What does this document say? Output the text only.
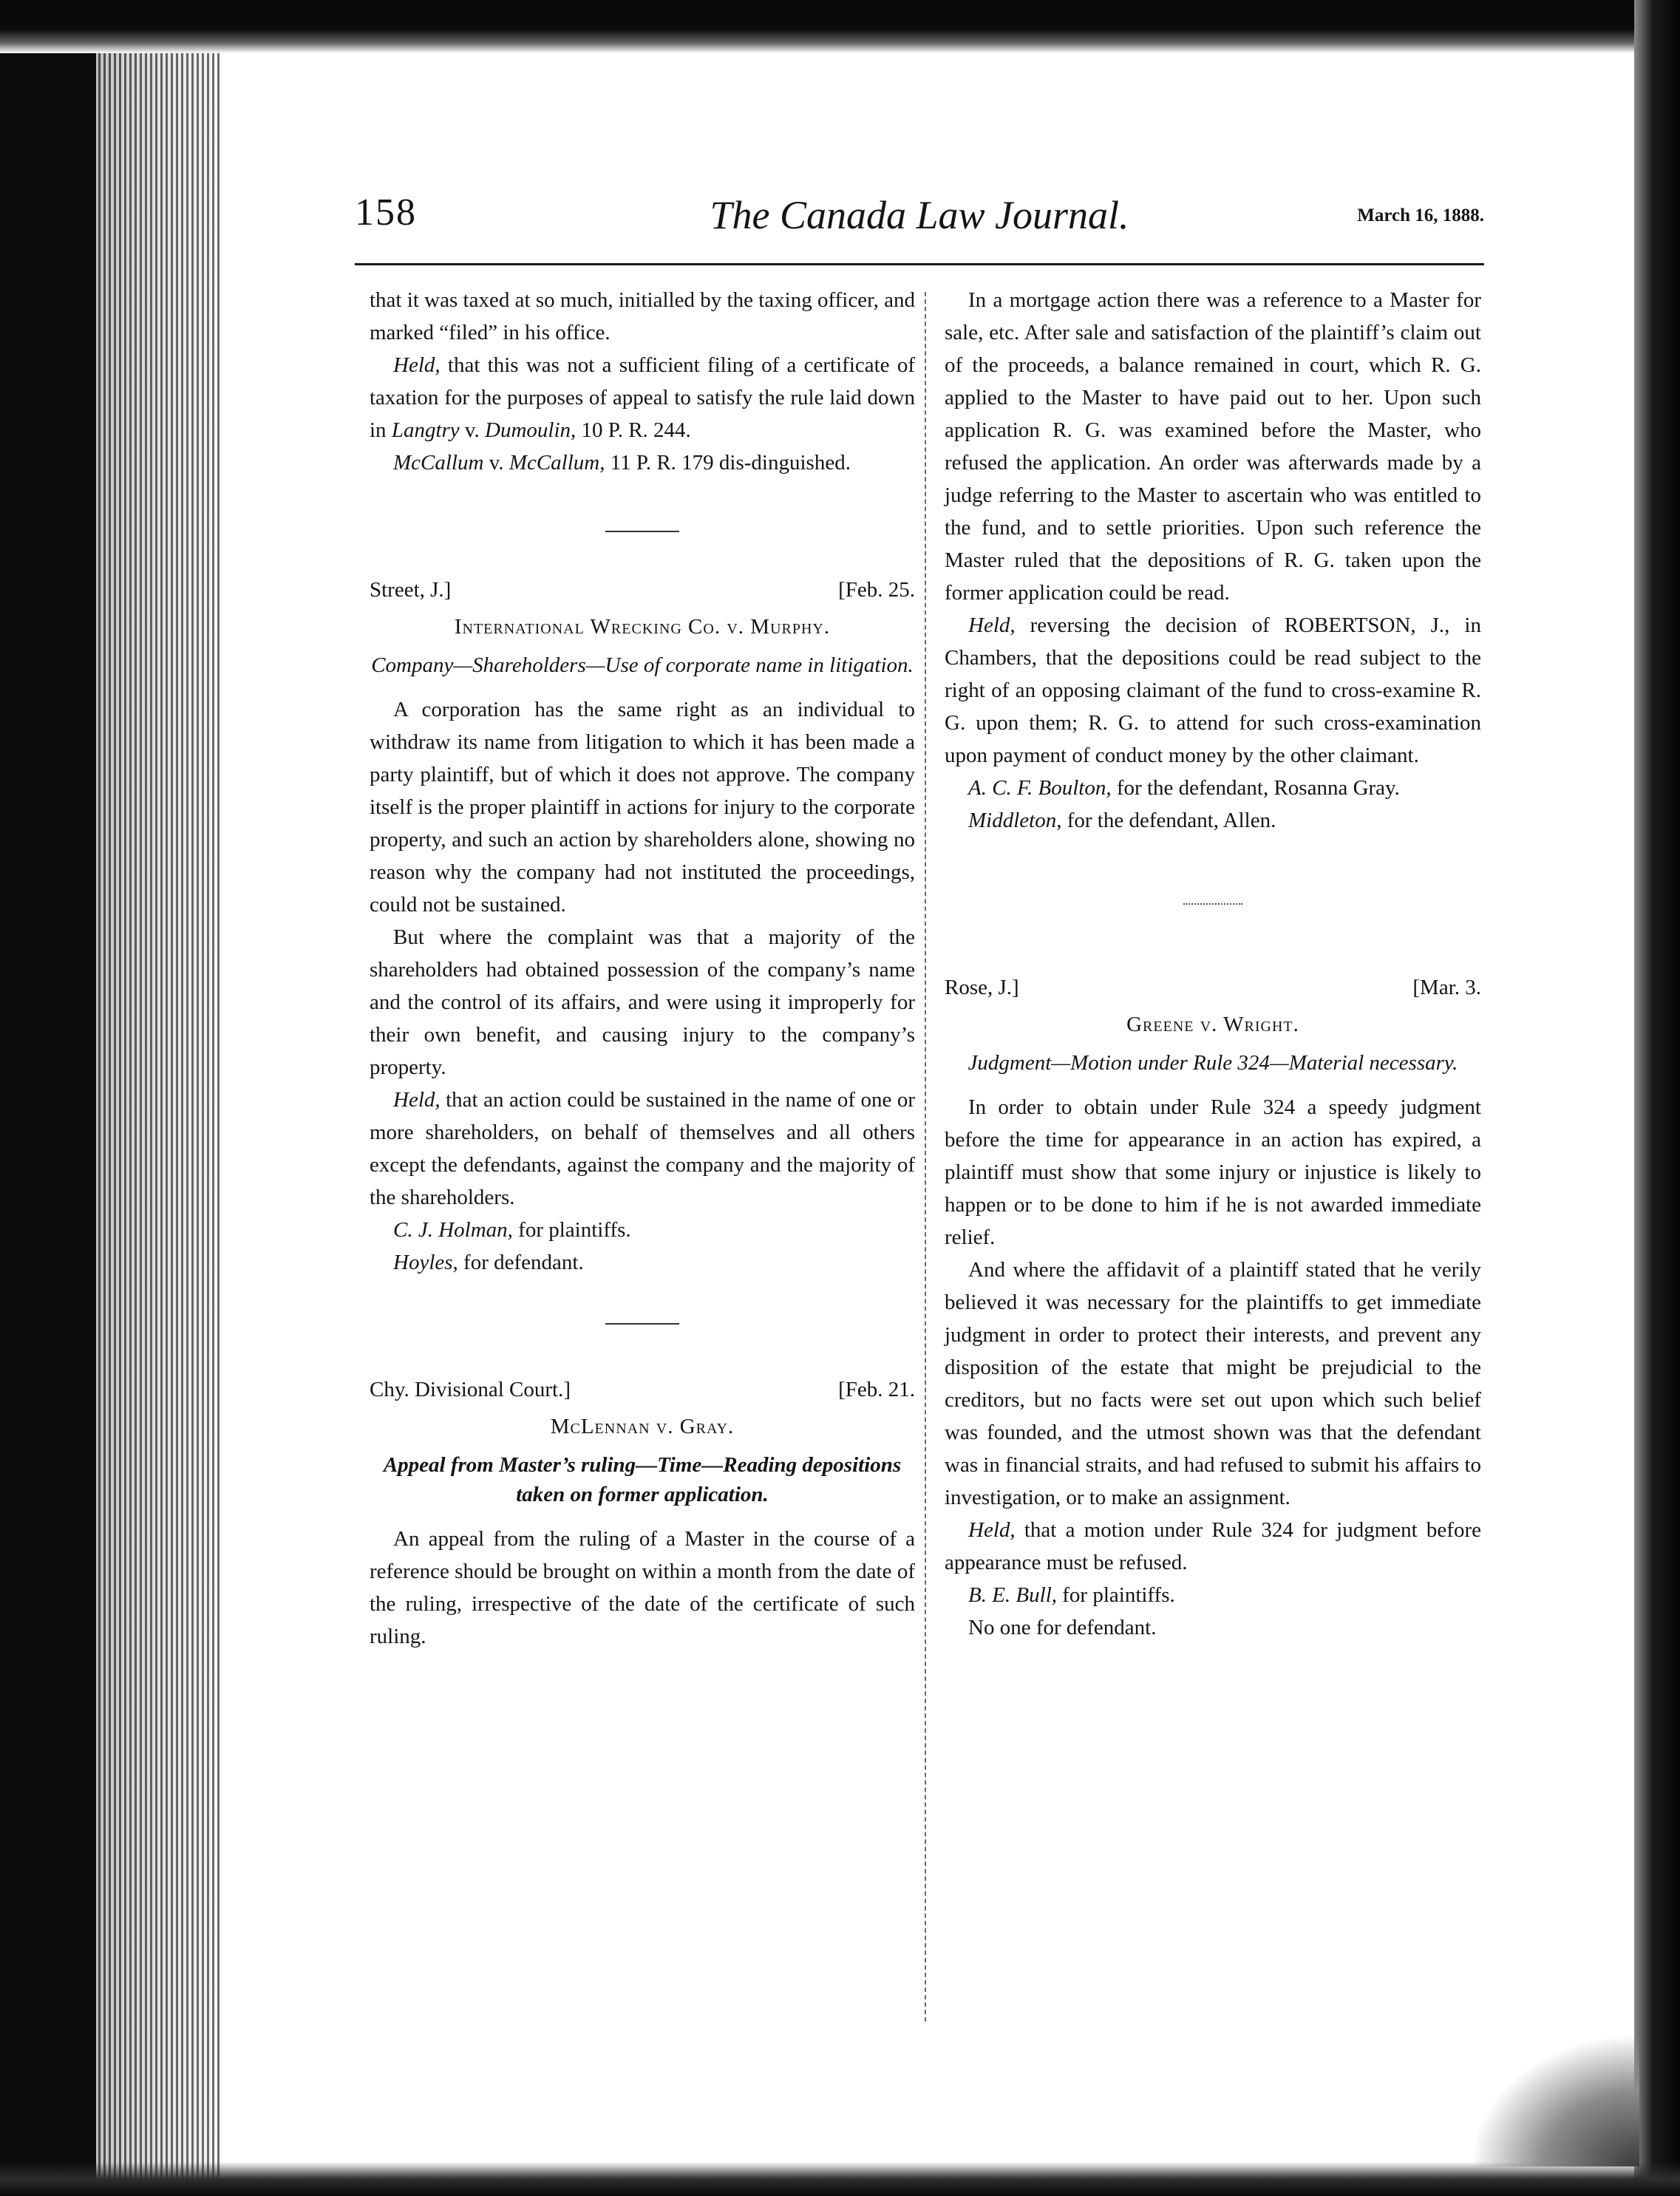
158	The Canada Law Journal.	March 16, 1888.

that it was taxed at so much, initialled by the taxing officer, and marked “filed” in his office.

Held, that this was not a sufficient filing of a certificate of taxation for the purposes of appeal to satisfy the rule laid down in Langtry v. Dumoulin, 10 P. R. 244.

McCallum v. McCallum, 11 P. R. 179 dis-dinguished.

Street, J.]	[Feb. 25.

International Wrecking Co. v. Murphy.

Company—Shareholders—Use of corporate name in litigation.

A corporation has the same right as an individual to withdraw its name from litigation to which it has been made a party plaintiff, but of which it does not approve. The company itself is the proper plaintiff in actions for injury to the corporate property, and such an action by shareholders alone, showing no reason why the company had not instituted the proceedings, could not be sustained.

But where the complaint was that a majority of the shareholders had obtained possession of the company’s name and the control of its affairs, and were using it improperly for their own benefit, and causing injury to the company’s property.

Held, that an action could be sustained in the name of one or more shareholders, on behalf of themselves and all others except the defendants, against the company and the majority of the shareholders.

C. J. Holman, for plaintiffs.

Hoyles, for defendant.

Chy. Divisional Court.]	[Feb. 21.

McLennan v. Gray.

Appeal from Master’s ruling—Time—Reading depositions taken on former application.

An appeal from the ruling of a Master in the course of a reference should be brought on within a month from the date of the ruling, irrespective of the date of the certificate of such ruling.

In a mortgage action there was a reference to a Master for sale, etc. After sale and satisfaction of the plaintiff’s claim out of the proceeds, a balance remained in court, which R. G. applied to the Master to have paid out to her. Upon such application R. G. was examined before the Master, who refused the application. An order was afterwards made by a judge referring to the Master to ascertain who was entitled to the fund, and to settle priorities. Upon such reference the Master ruled that the depositions of R. G. taken upon the former application could be read.

Held, reversing the decision of ROBERTSON, J., in Chambers, that the depositions could be read subject to the right of an opposing claimant of the fund to cross-examine R. G. upon them; R. G. to attend for such cross-examination upon payment of conduct money by the other claimant.

A. C. F. Boulton, for the defendant, Rosanna Gray.

Middleton, for the defendant, Allen.

Rose, J.]	[Mar. 3.

Greene v. Wright.

Judgment—Motion under Rule 324—Material necessary.

In order to obtain under Rule 324 a speedy judgment before the time for appearance in an action has expired, a plaintiff must show that some injury or injustice is likely to happen or to be done to him if he is not awarded immediate relief.

And where the affidavit of a plaintiff stated that he verily believed it was necessary for the plaintiffs to get immediate judgment in order to protect their interests, and prevent any disposition of the estate that might be prejudicial to the creditors, but no facts were set out upon which such belief was founded, and the utmost shown was that the defendant was in financial straits, and had refused to submit his affairs to investigation, or to make an assignment.

Held, that a motion under Rule 324 for judgment before appearance must be refused.

B. E. Bull, for plaintiffs.

No one for defendant.
